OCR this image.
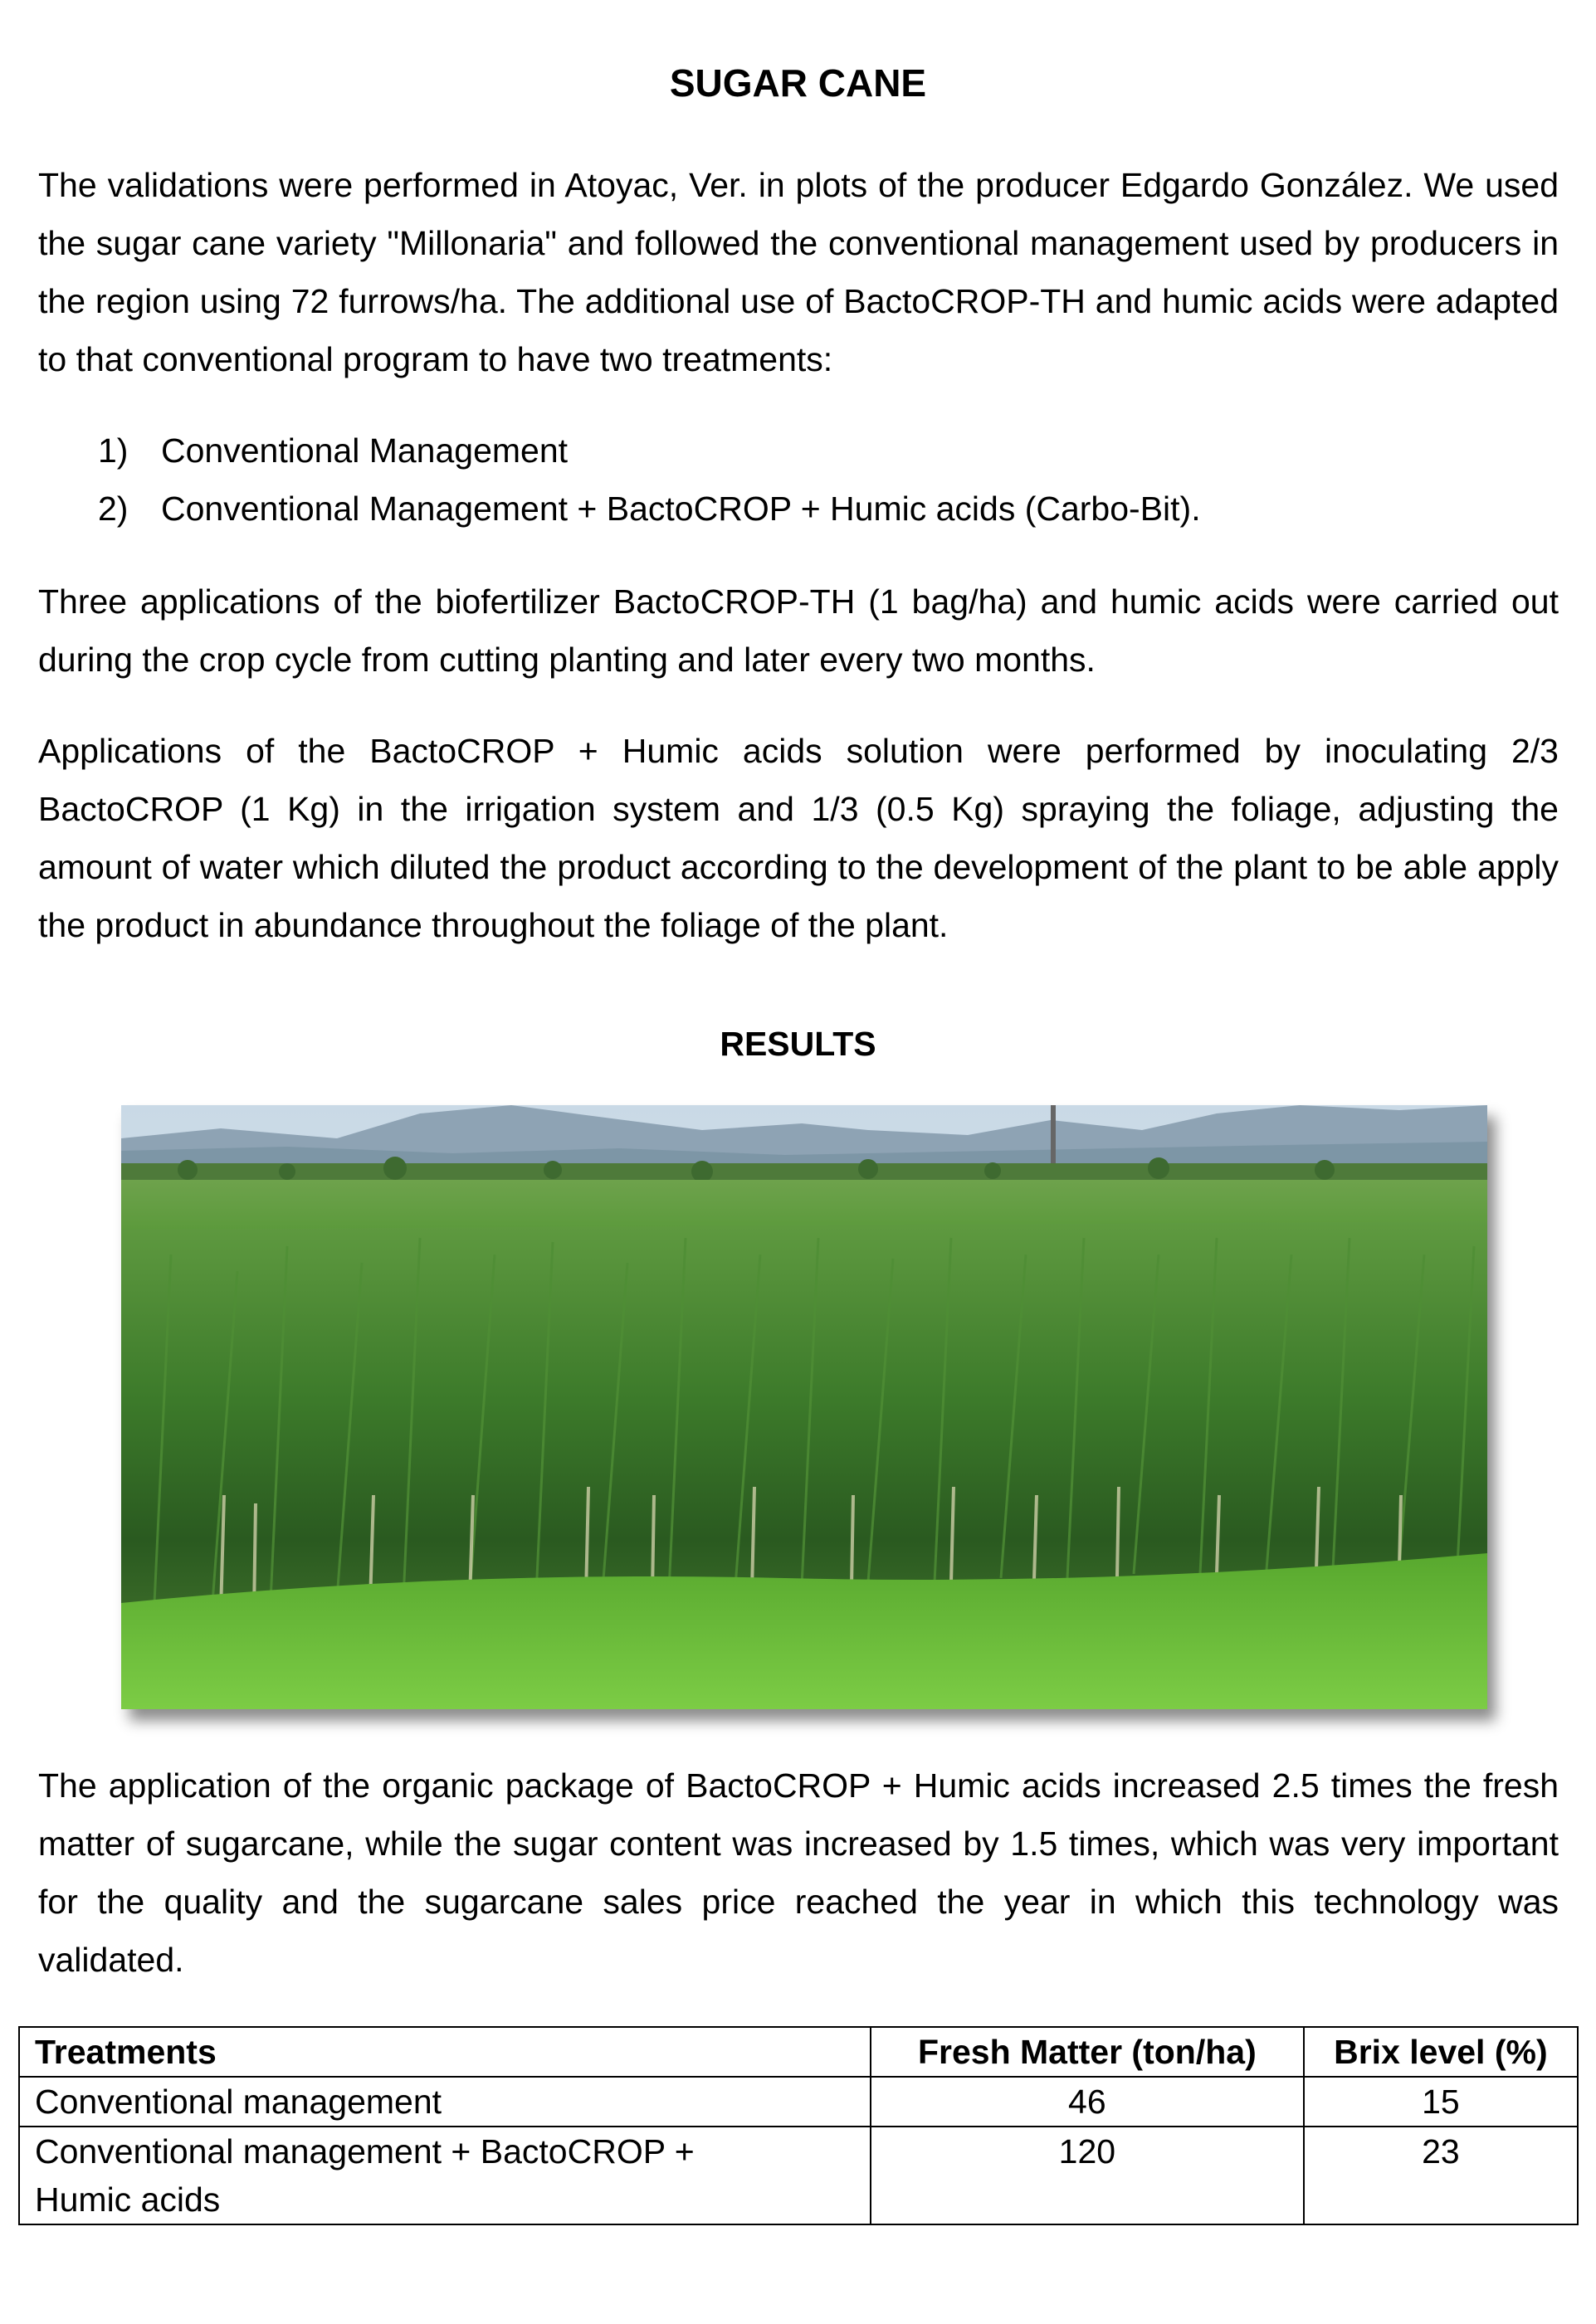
SUGAR CANE

The validations were performed in Atoyac, Ver. in plots of the producer Edgardo González. We used the sugar cane variety "Millonaria" and followed the conventional management used by producers in the region using 72 furrows/ha. The additional use of BactoCROP-TH and humic acids were adapted to that conventional program to have two treatments:

1) Conventional Management
2) Conventional Management + BactoCROP + Humic acids (Carbo-Bit).

Three applications of the biofertilizer BactoCROP-TH (1 bag/ha) and humic acids were carried out during the crop cycle from cutting planting and later every two months.

Applications of the BactoCROP + Humic acids solution were performed by inoculating 2/3 BactoCROP (1 Kg) in the irrigation system and 1/3 (0.5 Kg) spraying the foliage, adjusting the amount of water which diluted the product according to the development of the plant to be able apply the product in abundance throughout the foliage of the plant.

RESULTS

The application of the organic package of BactoCROP + Humic acids increased 2.5 times the fresh matter of sugarcane, while the sugar content was increased by 1.5 times, which was very important for the quality and the sugarcane sales price reached the year in which this technology was validated.

Treatments	Fresh Matter (ton/ha)	Brix level (%)
Conventional management	46	15

Conventional management + BactoCROP +
Humic acids	120	23
